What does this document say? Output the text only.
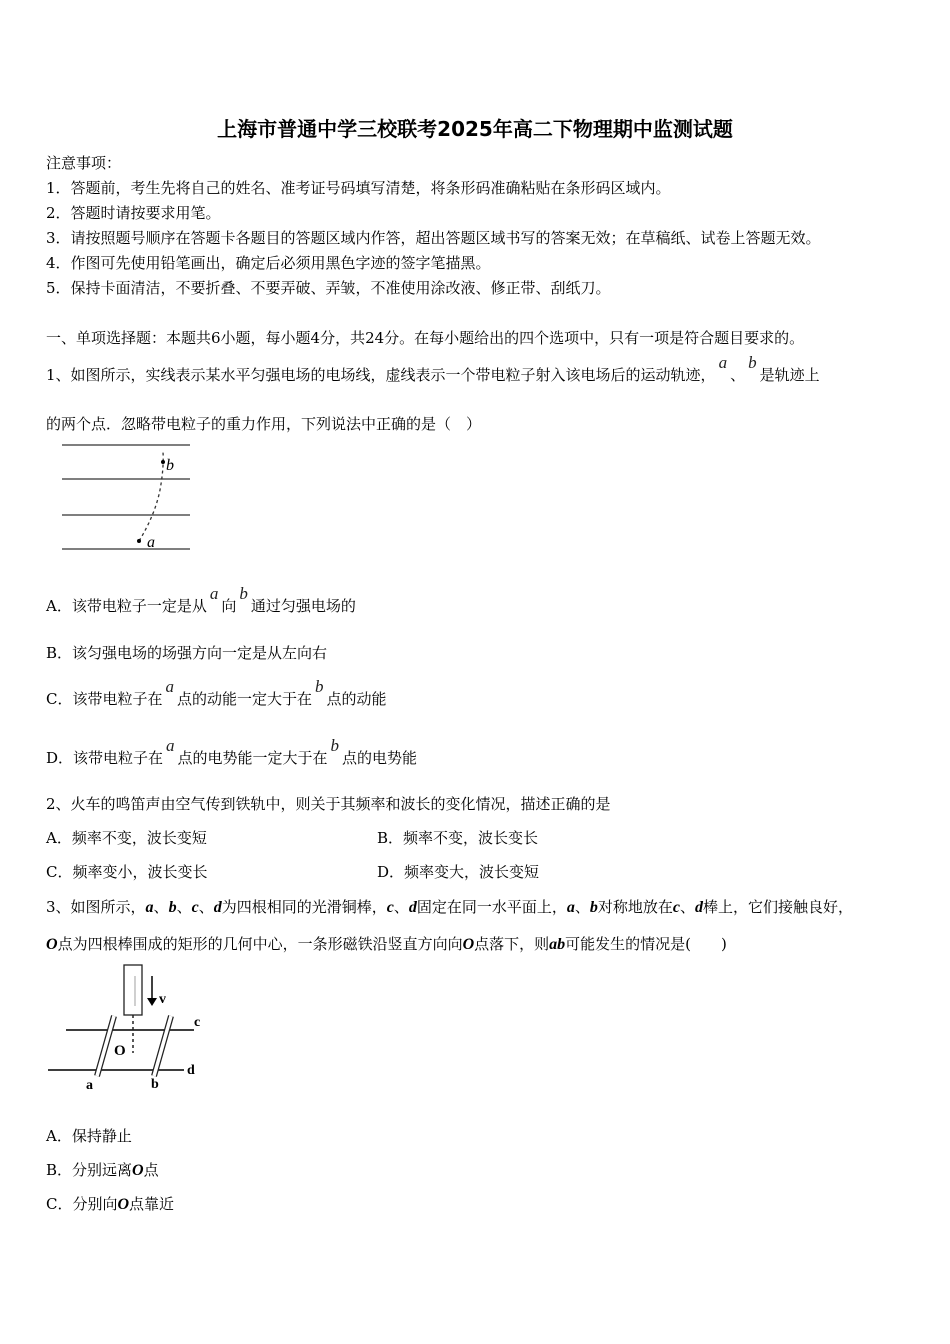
上海市普通中学三校联考2025年高二下物理期中监测试题
注意事项：
1．答题前，考生先将自己的姓名、准考证号码填写清楚，将条形码准确粘贴在条形码区域内。
2．答题时请按要求用笔。
3．请按照题号顺序在答题卡各题目的答题区域内作答，超出答题区域书写的答案无效；在草稿纸、试卷上答题无效。
4．作图可先使用铅笔画出，确定后必须用黑色字迹的签字笔描黑。
5．保持卡面清洁，不要折叠、不要弄破、弄皱，不准使用涂改液、修正带、刮纸刀。
一、单项选择题：本题共6小题，每小题4分，共24分。在每小题给出的四个选项中，只有一项是符合题目要求的。
1、如图所示，实线表示某水平匀强电场的电场线，虚线表示一个带电粒子射入该电场后的运动轨迹，a、b是轨迹上
的两个点．忽略带电粒子的重力作用，下列说法中正确的是（　）
a
b
A．该带电粒子一定是从a向b通过匀强电场的
B．该匀强电场的场强方向一定是从左向右
C．该带电粒子在a点的动能一定大于在b点的动能
D．该带电粒子在a点的电势能一定大于在b点的电势能
2、火车的鸣笛声由空气传到铁轨中，则关于其频率和波长的变化情况，描述正确的是
A．频率不变，波长变短	B．频率不变，波长变长
C．频率变小，波长变长	D．频率变大，波长变短
3、如图所示，a、b、c、d为四根相同的光滑铜棒，c、d固定在同一水平面上，a、b对称地放在c、d棒上，它们接触良好，
O点为四根棒围成的矩形的几何中心，一条形磁铁沿竖直方向向O点落下，则ab可能发生的情况是(　　)
v
O
c
d
a	b
A．保持静止
B．分别远离O点
C．分别向O点靠近
